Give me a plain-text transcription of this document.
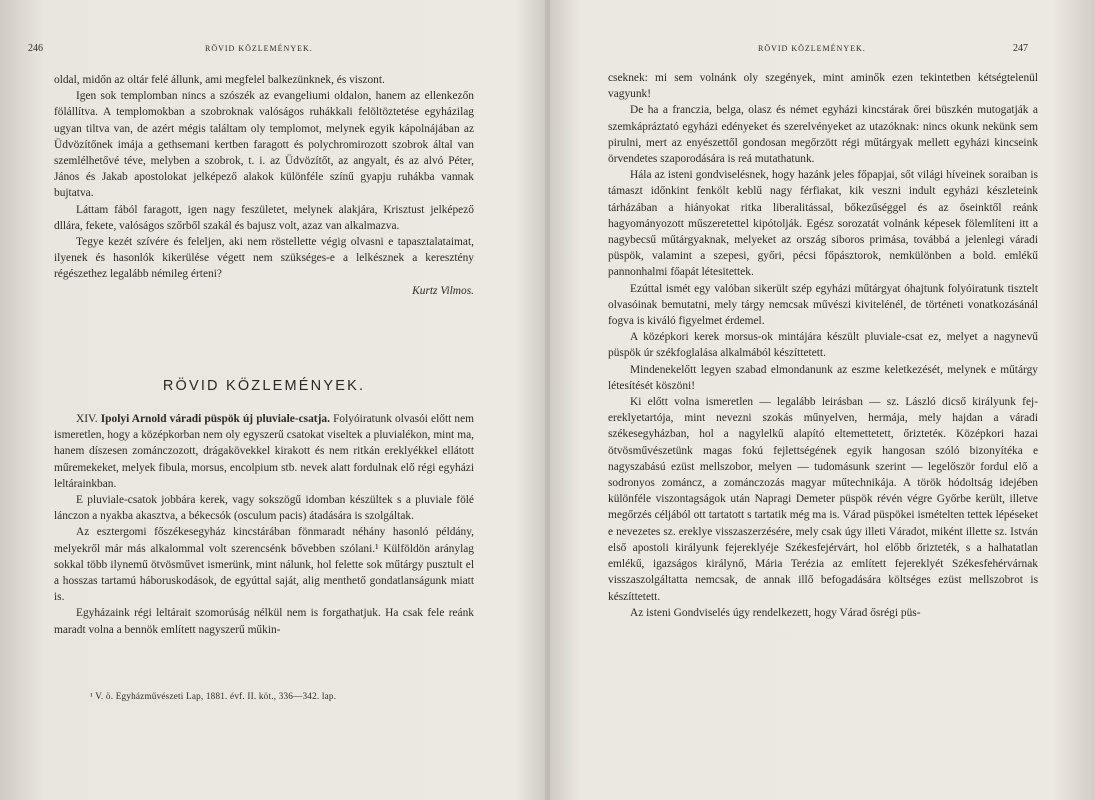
246	RÖVID KÖZLEMÉNYEK.

oldal, midőn az oltár felé állunk, ami megfelel balkezünknek, és viszont.

Igen sok templomban nincs a szószék az evangeliumi oldalon, hanem az ellenkezőn fölállítva. A templomokban a szobroknak valóságos ruhákkali felöltöztetése egyházilag ugyan tiltva van, de azért mégis találtam oly templomot, melynek egyik kápolnájában az Üdvözítőnek imája a gethsemani kertben faragott és polychromirozott szobrok által van szemlélhetővé téve, melyben a szobrok, t. i. az Üdvözítőt, az angyalt, és az alvó Péter, János és Jakab apostolokat jelképező alakok különféle színű gyapju ruhákba vannak bujtatva.

Láttam fából faragott, igen nagy feszületet, melynek alakjára, Krisztust jelképező dllára, fekete, valóságos szőrből szakál és bajusz volt, azaz van alkalmazva.

Tegye kezét szívére és feleljen, aki nem röstellette végig olvasni e tapasztalataimat, ilyenek és hasonlók kikerülése végett nem szükséges-e a lelkésznek a keresztény régészethez legalább némileg érteni?

Kurtz Vilmos.
RÖVID KÖZLEMÉNYEK.

XIV. Ipolyi Arnold váradi püspök új pluviale-csatja. Folyóiratunk olvasói előtt nem ismeretlen, hogy a középkorban nem oly egyszerű csatokat viseltek a pluvialékon, mint ma, hanem díszesen zománczozott, drágakövekkel kirakott és nem ritkán ereklyékkel ellátott műremekeket, melyek fibula, morsus, encolpium stb. nevek alatt fordulnak elő régi egyházi leltárainkban.

E pluviale-csatok jobbára kerek, vagy sokszögű idomban készültek s a pluviale fölé lánczon a nyakba akasztva, a békecsók (osculum pacis) átadására is szolgáltak.

Az esztergomi főszékesegyház kincstárában fönmaradt néhány hasonló példány, melyekről már más alkalommal volt szerencsénk bővebben szólani.¹ Külföldön aránylag sokkal több ilynemű ötvösművet ismerünk, mint nálunk, hol felette sok műtárgy pusztult el a hosszas tartamú háboruskodások, de egyúttal saját, alig menthető gondatlanságunk miatt is.

Egyházaink régi leltárait szomorúság nélkül nem is forgathatjuk. Ha csak fele reánk maradt volna a bennök említett nagyszerű műkin-

¹ V. ö. Egyházművészeti Lap, 1881. évf. II. köt., 336—342. lap.
RÖVID KÖZLEMÉNYEK.	247

cseknek: mi sem volnánk oly szegények, mint aminők ezen tekintetben kétségtelenül vagyunk!

De ha a franczia, belga, olasz és német egyházi kincstárak őrei büszkén mutogatják a szemkápráztató egyházi edényeket és szerelvényeket az utazóknak: nincs okunk nekünk sem pirulni, mert az enyészettől gondosan megőrzött régi műtárgyak mellett egyházi kincseink örvendetes szaporodására is reá mutathatunk.

Hála az isteni gondviselésnek, hogy hazánk jeles főpapjai, sőt világi híveinek soraiban is támaszt időnkint fenkölt keblű nagy férfiakat, kik veszni indult egyházi készleteink tárházában a hiányokat ritka liberalitással, bőkezűséggel és az őseinktől reánk hagyományozott műszeretettel kipótolják. Egész sorozatát volnánk képesek fölemlíteni itt a nagybecsű műtárgyaknak, melyeket az ország siboros primása, továbbá a jelenlegi váradi püspök, valamint a szepesi, győri, pécsi főpásztorok, nemkülönben a bold. emlékű pannonhalmi főapát létesitettek.

Ezúttal ismét egy valóban sikerült szép egyházi műtárgyat óhajtunk folyóiratunk tisztelt olvasóinak bemutatni, mely tárgy nemcsak művészi kivitelénél, de történeti vonatkozásánál fogva is kiváló figyelmet érdemel.

A középkori kerek morsus-ok mintájára készült pluviale-csat ez, melyet a nagynevű püspök úr székfoglalása alkalmából készíttetett.

Mindenekelőtt legyen szabad elmondanunk az eszme keletkezését, melynek e műtárgy létesítését köszöni!

Ki előtt volna ismeretlen — legalább leirásban — sz. László dicső királyunk fej-ereklyetartója, mint nevezni szokás műnyelven, hermája, mely hajdan a váradi székesegyházban, hol a nagylelkű alapító eltemettetett, őriztetéк. Középkori hazai ötvösművészetünk magas fokú fejlettségének egyik hangosan szóló bizonyítéka e nagyszabású ezüst mellszobor, melyen — tudomásunk szerint — legelőször fordul elő a sodronyos zománcz, a zománczozás magyar műtechnikája. A török hódoltság idejében különféle viszontagságok után Napragi Demeter püspök révén végre Győrbe került, illetve megőrzés céljából ott tartatott s tartatik még ma is. Várad püspökei ismételten tettek lépéseket e nevezetes sz. ereklye visszaszerzésére, mely csak úgy illeti Váradot, miként illette sz. István első apostoli királyunk fejereklyéje Székesfejérvárt, hol előbb őrizteték, s a halhatatlan emlékű, igazságos királynő, Mária Terézia az említett fejereklyét Székesfehérvárnak visszaszolgáltatta nemcsak, de annak illő befogadására költséges ezüst mellszobrot is készíttetett.

Az isteni Gondviselés úgy rendelkezett, hogy Várad ősrégi püs-
